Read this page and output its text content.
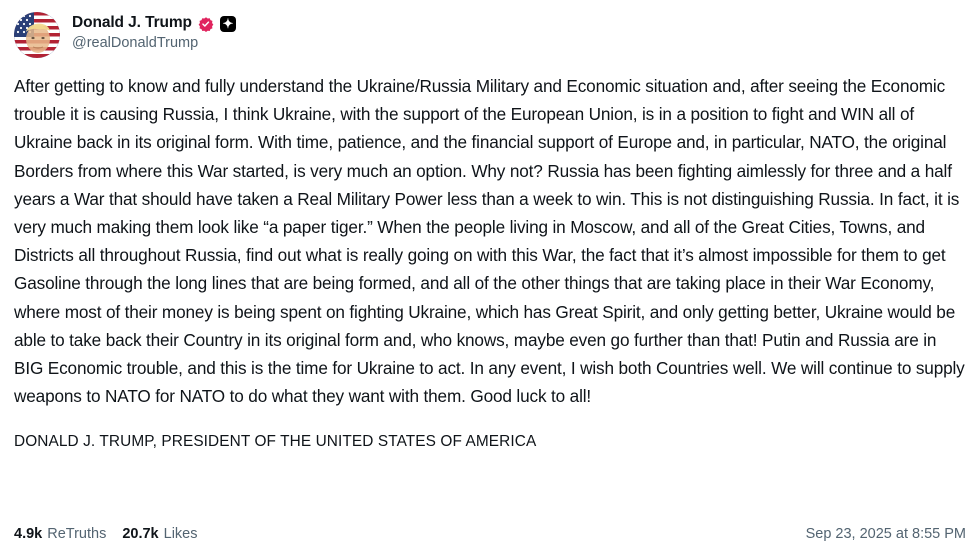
Donald J. Trump ✦
@realDonaldTrump
After getting to know and fully understand the Ukraine/Russia Military and Economic situation and, after seeing the Economic trouble it is causing Russia, I think Ukraine, with the support of the European Union, is in a position to fight and WIN all of Ukraine back in its original form. With time, patience, and the financial support of Europe and, in particular, NATO, the original Borders from where this War started, is very much an option. Why not? Russia has been fighting aimlessly for three and a half years a War that should have taken a Real Military Power less than a week to win. This is not distinguishing Russia. In fact, it is very much making them look like “a paper tiger.” When the people living in Moscow, and all of the Great Cities, Towns, and Districts all throughout Russia, find out what is really going on with this War, the fact that it’s almost impossible for them to get Gasoline through the long lines that are being formed, and all of the other things that are taking place in their War Economy, where most of their money is being spent on fighting Ukraine, which has Great Spirit, and only getting better, Ukraine would be able to take back their Country in its original form and, who knows, maybe even go further than that! Putin and Russia are in BIG Economic trouble, and this is the time for Ukraine to act. In any event, I wish both Countries well. We will continue to supply weapons to NATO for NATO to do what they want with them. Good luck to all!
DONALD J. TRUMP, PRESIDENT OF THE UNITED STATES OF AMERICA
4.9k ReTruths 20.7k Likes	Sep 23, 2025 at 8:55 PM
